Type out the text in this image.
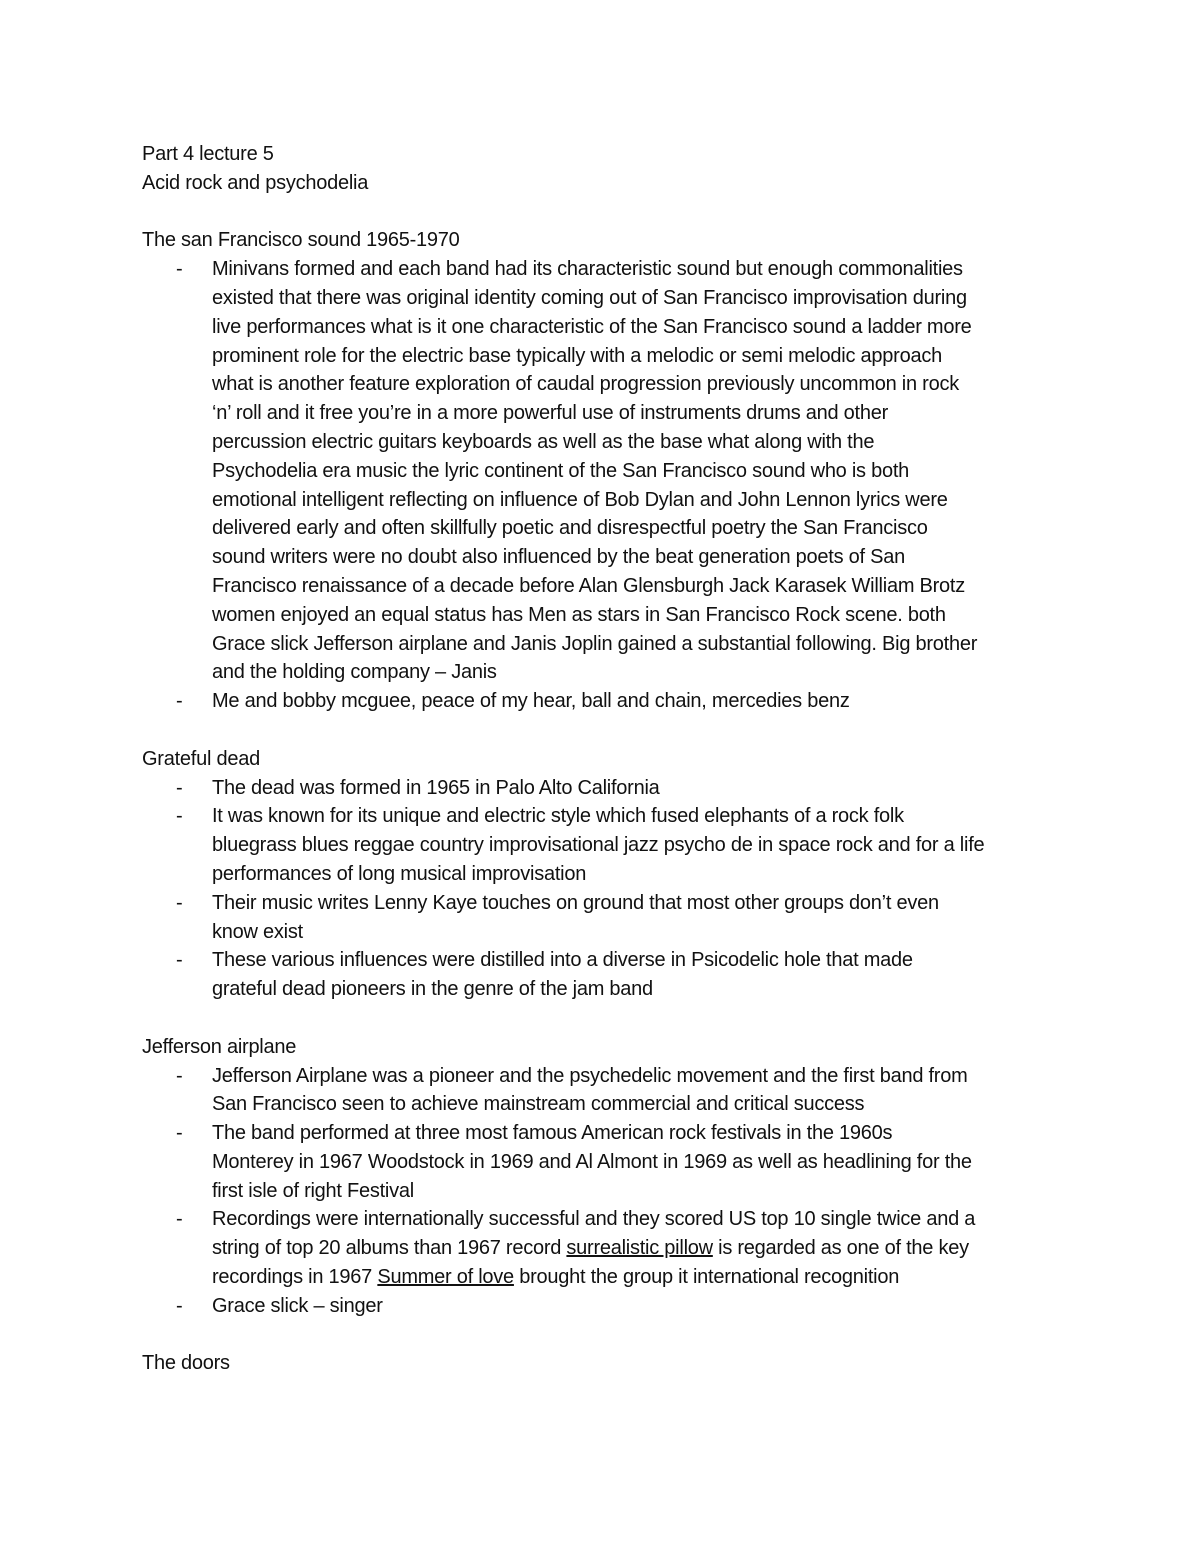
Part 4 lecture 5

Acid rock and psychodelia

The san Francisco sound 1965-1970

- Minivans formed and each band had its characteristic sound but enough commonalities
existed that there was original identity coming out of San Francisco improvisation during
live performances what is it one characteristic of the San Francisco sound a ladder more
prominent role for the electric base typically with a melodic or semi melodic approach
what is another feature exploration of caudal progression previously uncommon in rock
‘n’ roll and it free you’re in a more powerful use of instruments drums and other
percussion electric guitars keyboards as well as the base what along with the
Psychodelia era music the lyric continent of the San Francisco sound who is both
emotional intelligent reflecting on influence of Bob Dylan and John Lennon lyrics were
delivered early and often skillfully poetic and disrespectful poetry the San Francisco
sound writers were no doubt also influenced by the beat generation poets of San
Francisco renaissance of a decade before Alan Glensburgh Jack Karasek William Brotz
women enjoyed an equal status has Men as stars in San Francisco Rock scene. both
Grace slick Jefferson airplane and Janis Joplin gained a substantial following. Big brother
and the holding company – Janis
- Me and bobby mcguee, peace of my hear, ball and chain, mercedies benz

Grateful dead

- The dead was formed in 1965 in Palo Alto California
- It was known for its unique and electric style which fused elephants of a rock folk
bluegrass blues reggae country improvisational jazz psycho de in space rock and for a life
performances of long musical improvisation
- Their music writes Lenny Kaye touches on ground that most other groups don’t even
know exist
- These various influences were distilled into a diverse in Psicodelic hole that made
grateful dead pioneers in the genre of the jam band

Jefferson airplane

- Jefferson Airplane was a pioneer and the psychedelic movement and the first band from
San Francisco seen to achieve mainstream commercial and critical success
- The band performed at three most famous American rock festivals in the 1960s
Monterey in 1967 Woodstock in 1969 and Al Almont in 1969 as well as headlining for the
first isle of right Festival
- Recordings were internationally successful and they scored US top 10 single twice and a
string of top 20 albums than 1967 record surrealistic pillow is regarded as one of the key
recordings in 1967 Summer of love brought the group it international recognition
- Grace slick – singer

The doors
